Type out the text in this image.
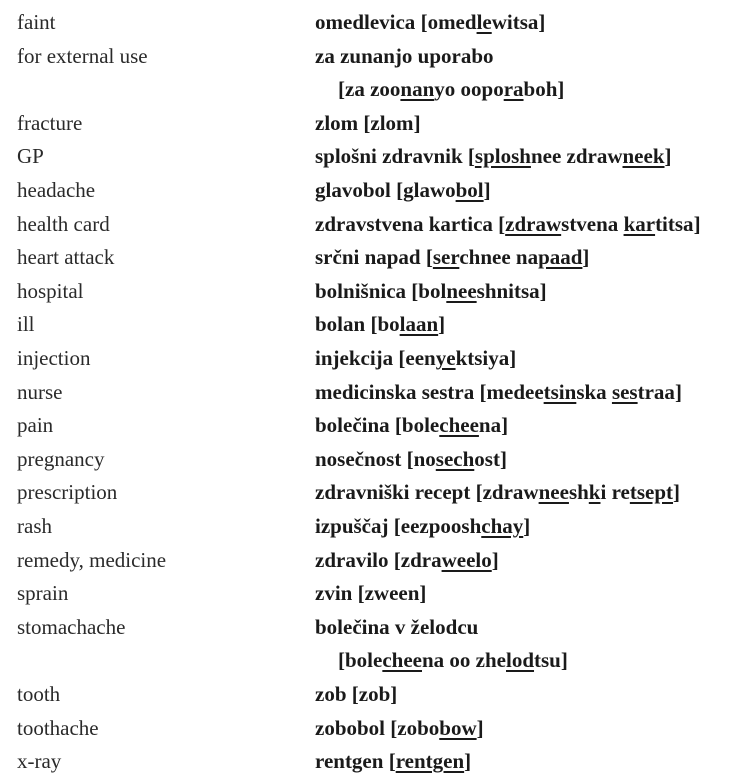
faint	omedlevica [omedlewitsa]
for external use	za zunanjo uporabo
[za zoonanyo ooporaboh]
fracture	zlom [zlom]
GP	splošni zdravnik [sploshnee zdrawneek]
headache	glavobol [glawobol]
health card	zdravstvena kartica [zdrawstvena kartitsa]
heart attack	srčni napad [serchnee napaad]
hospital	bolnišnica [bolneeshnitsa]
ill	bolan [bolaan]
injection	injekcija [eenyektsiya]
nurse	medicinska sestra [medeetsinska sestraa]
pain	bolečina [bolecheena]
pregnancy	nosečnost [nosechost]
prescription	zdravniški recept [zdrawneeshki retsept]
rash	izpuščaj [eezpooshchay]
remedy, medicine	zdravilo [zdraweelo]
sprain	zvin [zween]
stomachache	bolečina v želodcu
[bolecheena oo zhelodtsu]
tooth	zob [zob]
toothache	zobobol [zobobow]
x-ray	rentgen [rentgen]
